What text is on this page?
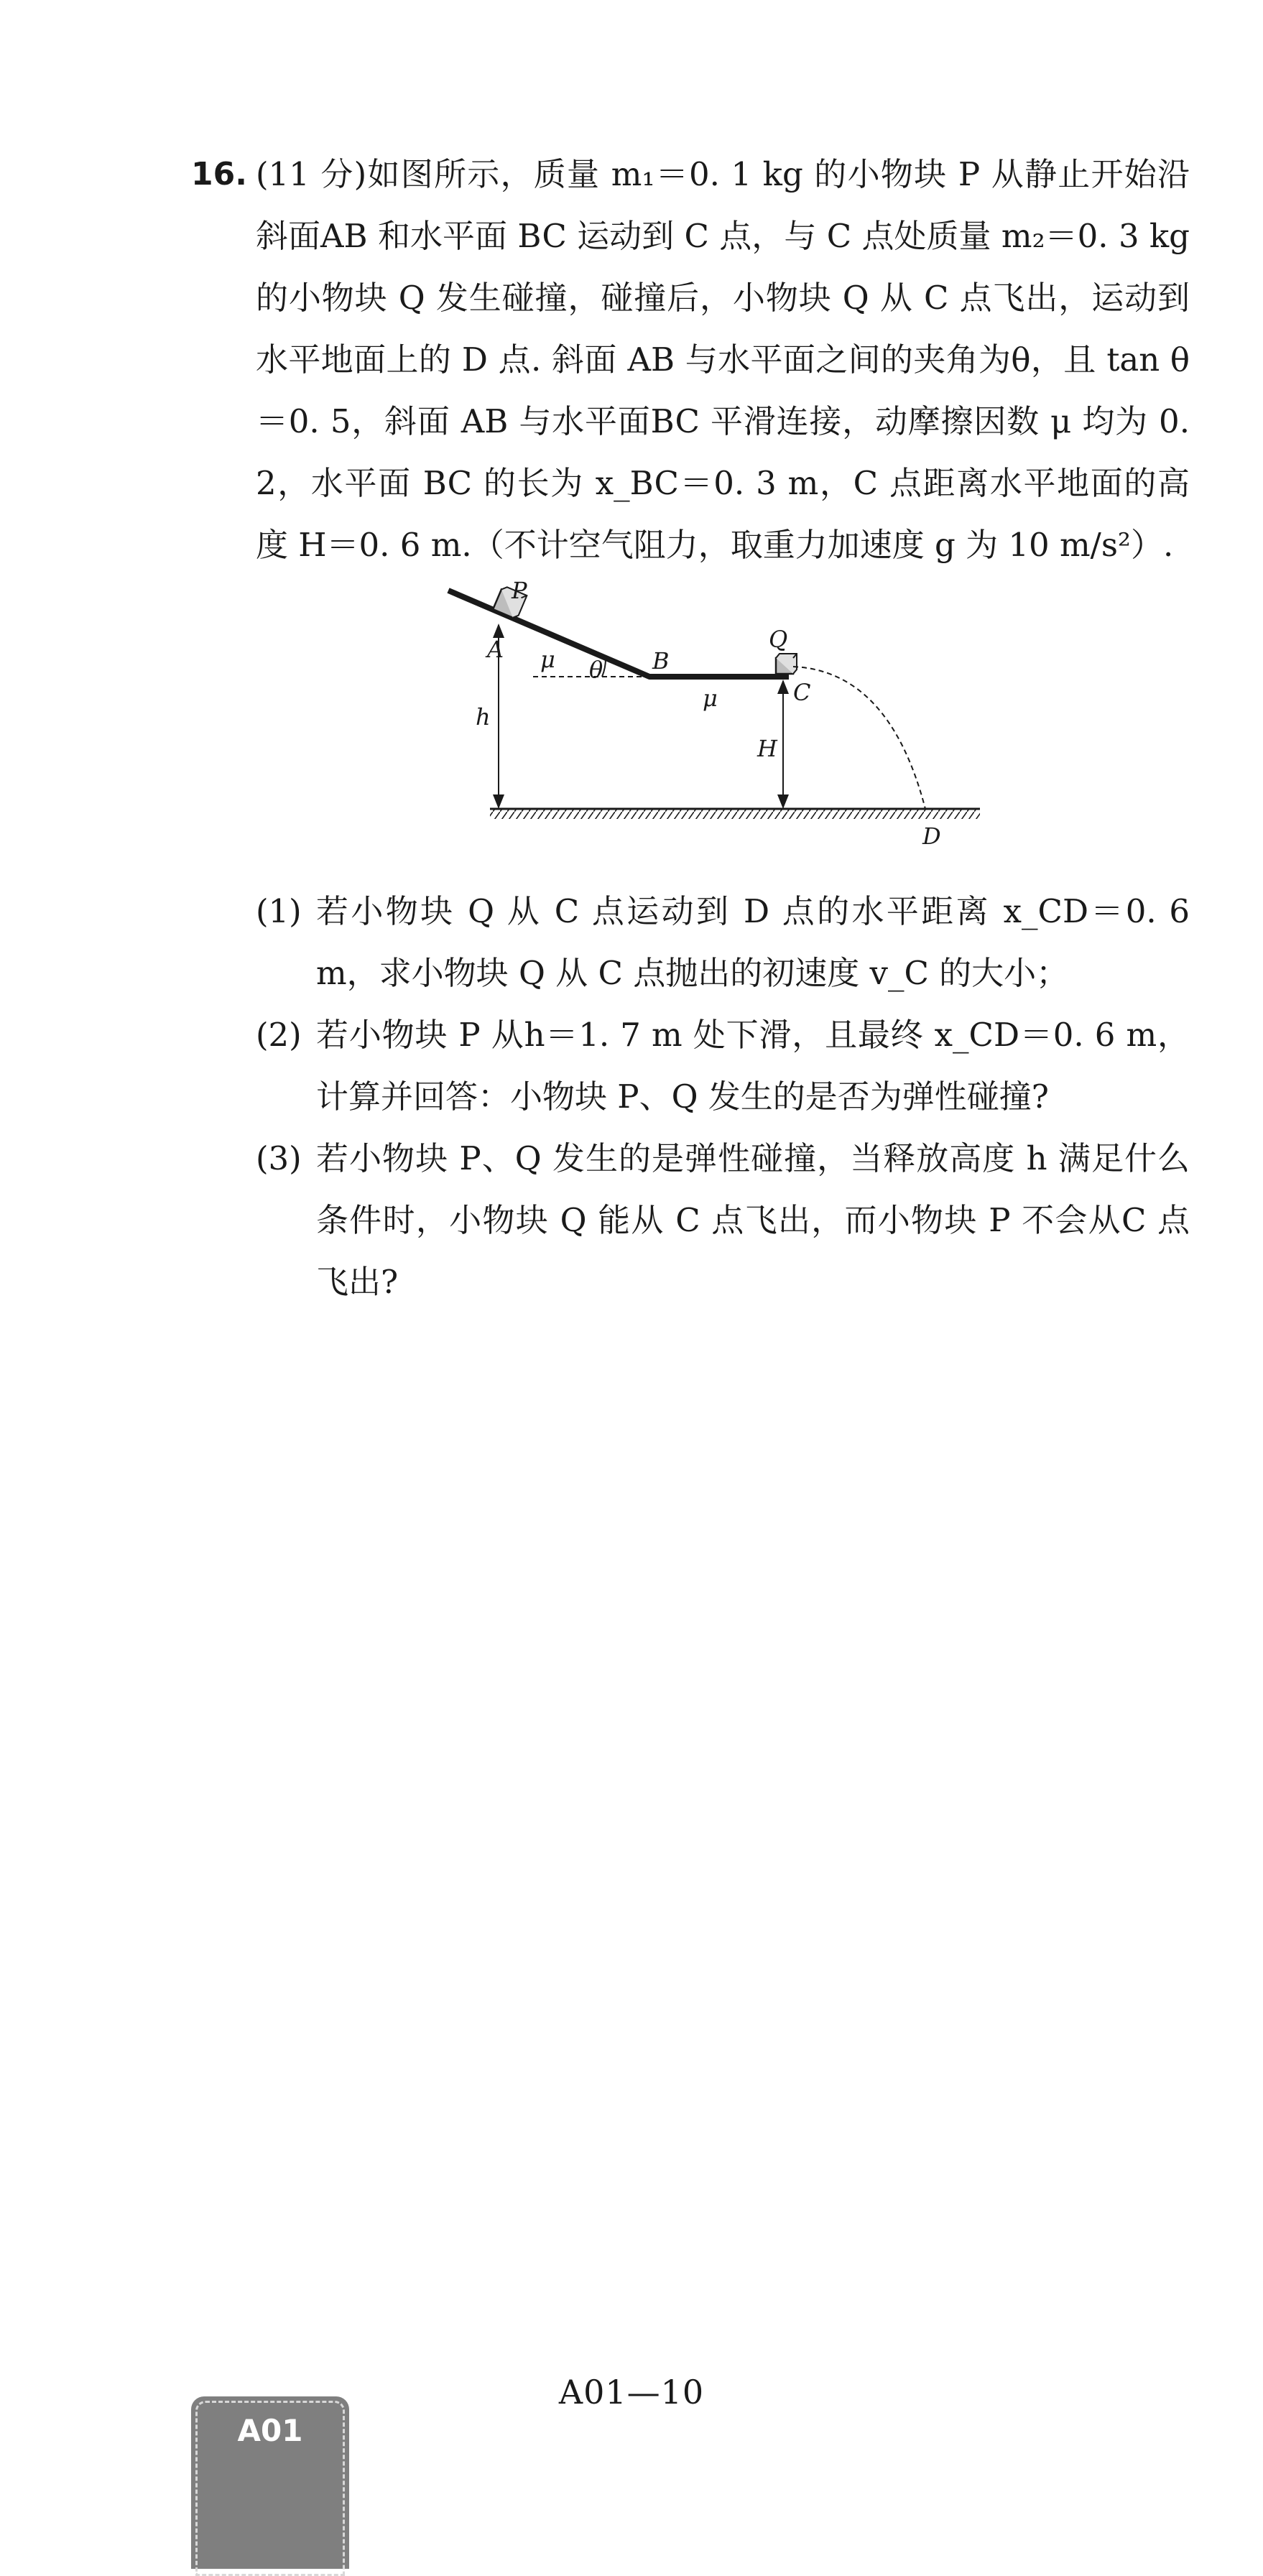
16. (11 分)如图所示，质量 m₁＝0. 1 kg 的小物块 P 从静止开始沿斜面AB 和水平面 BC 运动到 C 点，与 C 点处质量 m₂＝0. 3 kg 的小物块 Q 发生碰撞，碰撞后，小物块 Q 从 C 点飞出，运动到水平地面上的 D 点. 斜面 AB 与水平面之间的夹角为θ，且 tan θ＝0. 5，斜面 AB 与水平面BC 平滑连接，动摩擦因数 μ 均为 0. 2，水平面 BC 的长为 x_BC＝0. 3 m，C 点距离水平地面的高度 H＝0. 6 m.（不计空气阻力，取重力加速度 g 为 10 m/s²）.
P
A μ θ B
Q
C
μ
h
H
D
(1) 若小物块 Q 从 C 点运动到 D 点的水平距离 x_CD＝0. 6 m，求小物块 Q 从 C 点抛出的初速度 v_C 的大小；
(2) 若小物块 P 从h＝1. 7 m 处下滑，且最终 x_CD＝0. 6 m，计算并回答：小物块 P、Q 发生的是否为弹性碰撞?
(3) 若小物块 P、Q 发生的是弹性碰撞，当释放高度 h 满足什么条件时，小物块 Q 能从 C 点飞出，而小物块 P 不会从C 点飞出?
A01—10
A01
